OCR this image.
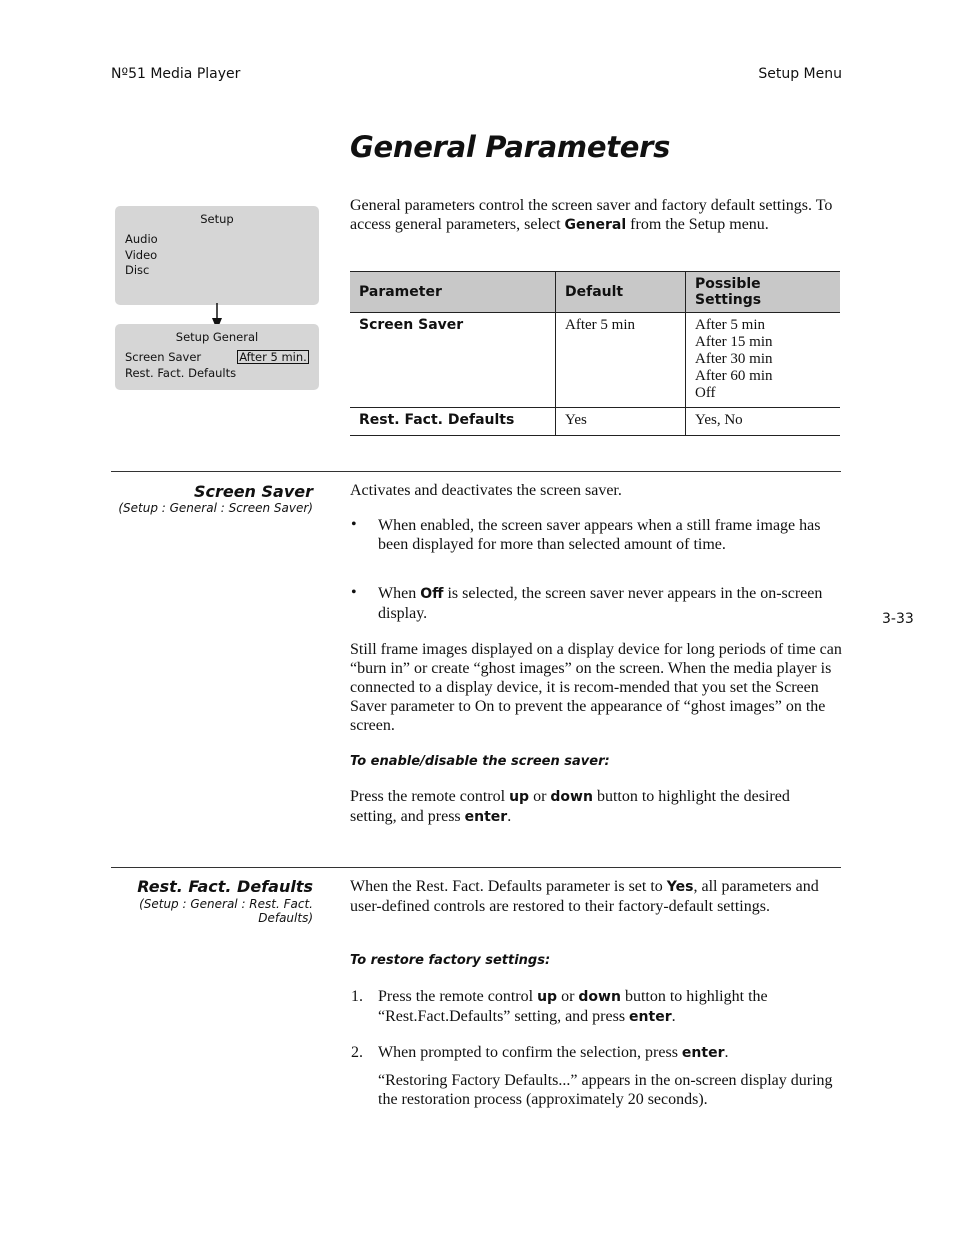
Nº51 Media Player	Setup Menu
General Parameters
Setup
Audio
Video
Disc
Setup General
Screen Saver	After 5 min.
Rest. Fact. Defaults
General parameters control the screen saver and factory default settings. To access general parameters, select General from the Setup menu.
Parameter	Default	Possible Settings
Screen Saver	After 5 min	After 5 min
After 15 min
After 30 min
After 60 min
Off

Rest. Fact. Defaults	Yes	Yes, No
Screen Saver
(Setup : General : Screen Saver)
Activates and deactivates the screen saver.
• When enabled, the screen saver appears when a still frame image has been displayed for more than selected amount of time.
• When Off is selected, the screen saver never appears in the on-screen display.
Still frame images displayed on a display device for long periods of time can “burn in” or create “ghost images” on the screen. When the media player is connected to a display device, it is recom-mended that you set the Screen Saver parameter to On to prevent the appearance of “ghost images” on the screen.
To enable/disable the screen saver:
Press the remote control up or down button to highlight the desired setting, and press enter.
Rest. Fact. Defaults
(Setup : General : Rest. Fact. Defaults)
When the Rest. Fact. Defaults parameter is set to Yes, all parameters and user-defined controls are restored to their factory-default settings.
To restore factory settings:
1. Press the remote control up or down button to highlight the “Rest.Fact.Defaults” setting, and press enter.
2. When prompted to confirm the selection, press enter.
“Restoring Factory Defaults...” appears in the on-screen display during the restoration process (approximately 20 seconds).
3-33
